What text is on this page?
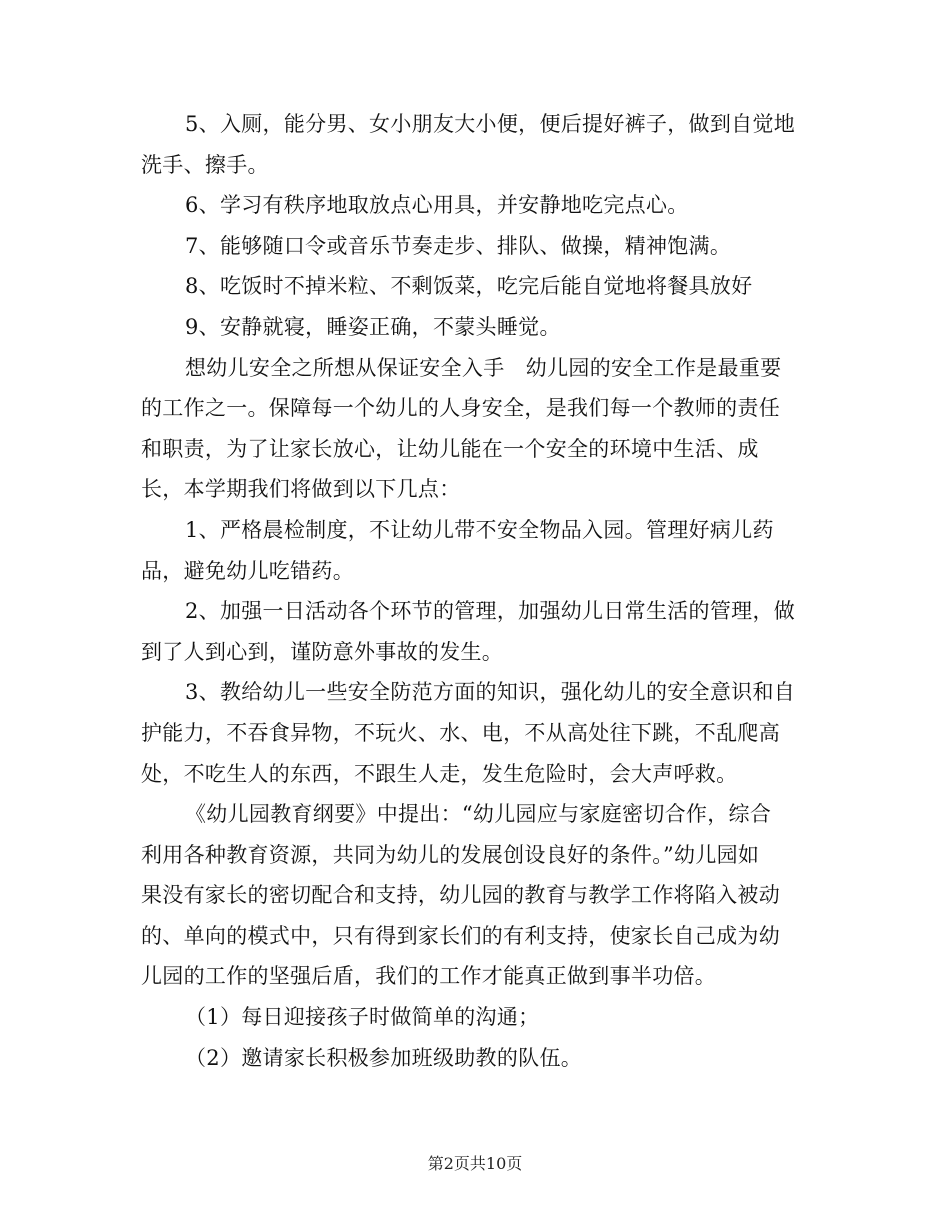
5、入厕，能分男、女小朋友大小便，便后提好裤子，做到自觉地
洗手、擦手。
6、学习有秩序地取放点心用具，并安静地吃完点心。
7、能够随口令或音乐节奏走步、排队、做操，精神饱满。
8、吃饭时不掉米粒、不剩饭菜，吃完后能自觉地将餐具放好
9、安静就寝，睡姿正确，不蒙头睡觉。
想幼儿安全之所想从保证安全入手　幼儿园的安全工作是最重要
的工作之一。保障每一个幼儿的人身安全，是我们每一个教师的责任
和职责，为了让家长放心，让幼儿能在一个安全的环境中生活、成
长，本学期我们将做到以下几点：
1、严格晨检制度，不让幼儿带不安全物品入园。管理好病儿药
品，避免幼儿吃错药。
2、加强一日活动各个环节的管理，加强幼儿日常生活的管理，做
到了人到心到，谨防意外事故的发生。
3、教给幼儿一些安全防范方面的知识，强化幼儿的安全意识和自
护能力，不吞食异物，不玩火、水、电，不从高处往下跳，不乱爬高
处，不吃生人的东西，不跟生人走，发生危险时，会大声呼救。
《幼儿园教育纲要》中提出：“幼儿园应与家庭密切合作，综合
利用各种教育资源，共同为幼儿的发展创设良好的条件。”幼儿园如
果没有家长的密切配合和支持，幼儿园的教育与教学工作将陷入被动
的、单向的模式中，只有得到家长们的有利支持，使家长自己成为幼
儿园的工作的坚强后盾，我们的工作才能真正做到事半功倍。
（1）每日迎接孩子时做简单的沟通；
（2）邀请家长积极参加班级助教的队伍。
第2页共10页
